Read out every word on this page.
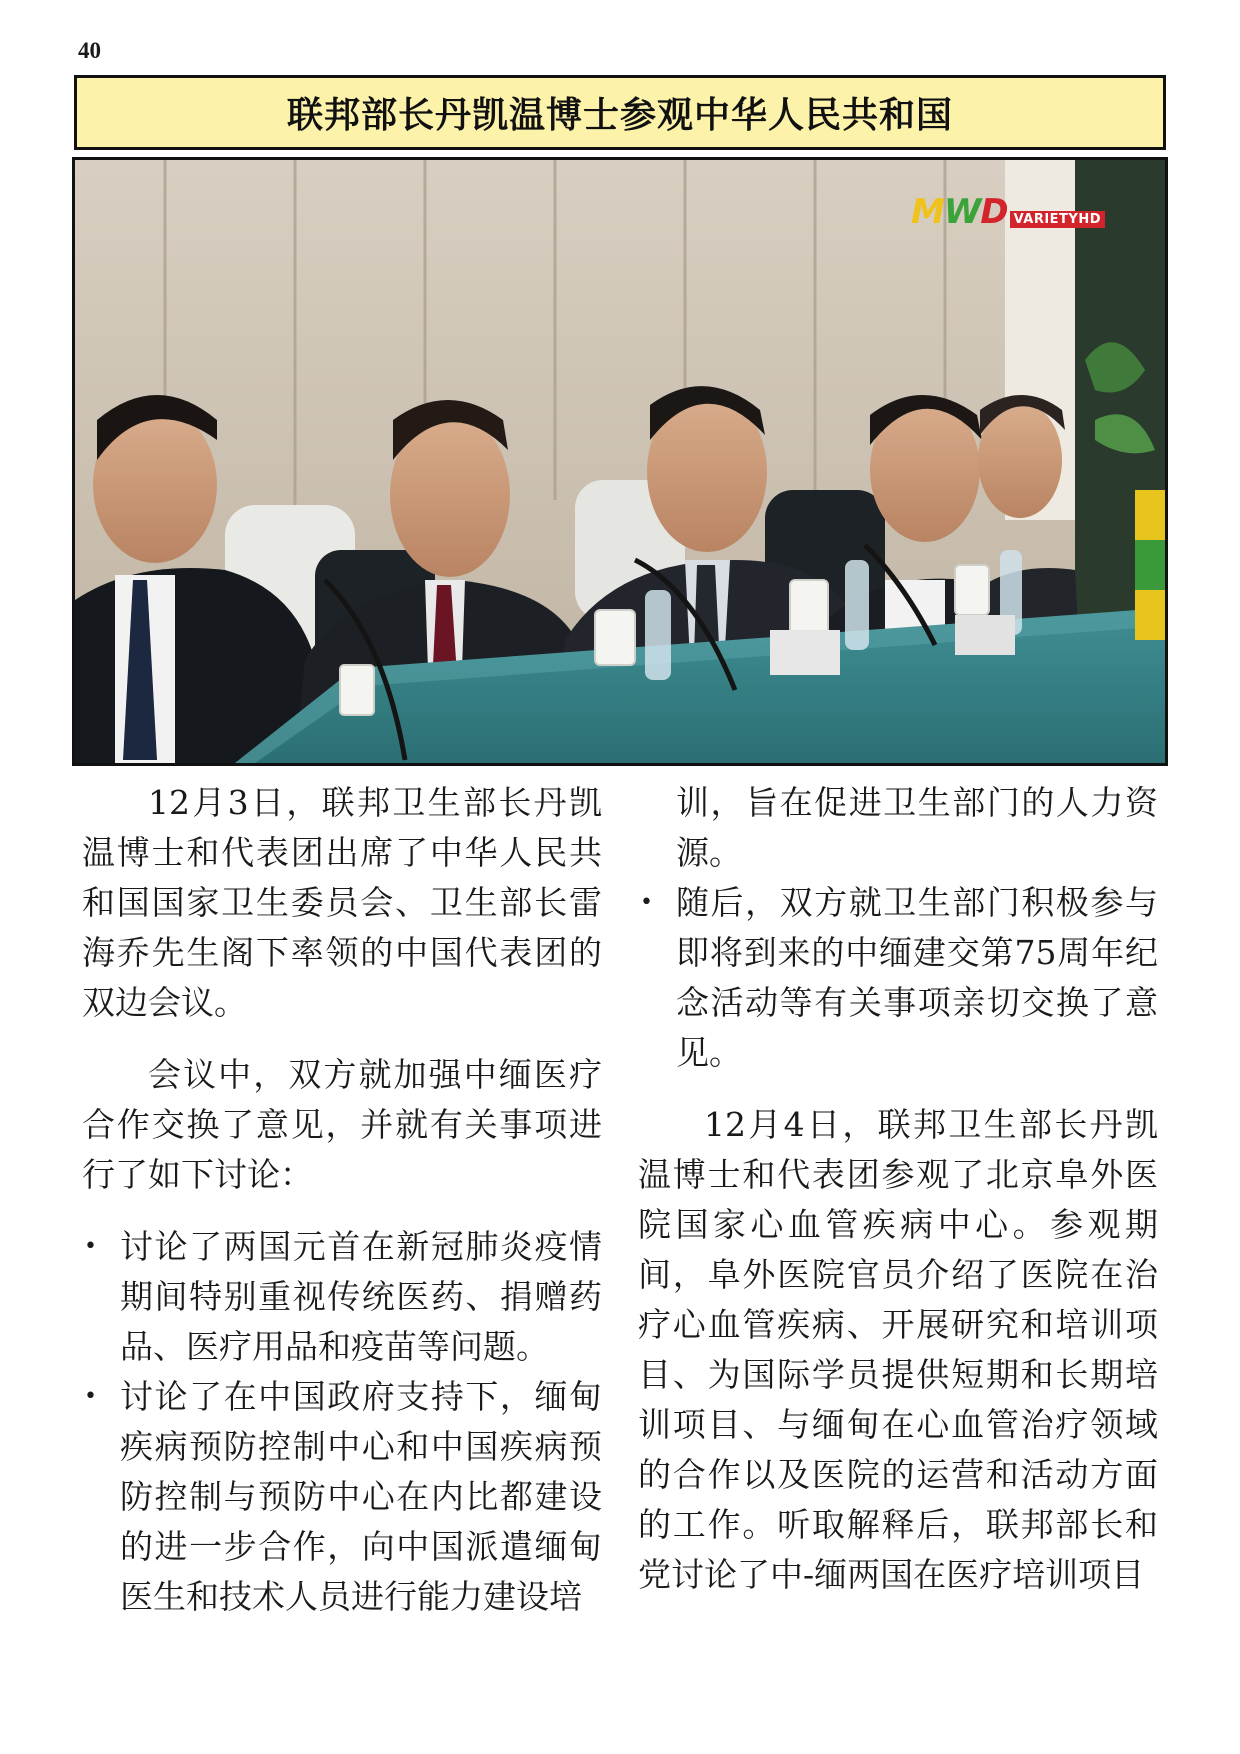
40
联邦部长丹凯温博士参观中华人民共和国
MWD VARIETYHD

12月3日，联邦卫生部长丹凯温博士和代表团出席了中华人民共和国国家卫生委员会、卫生部长雷海乔先生阁下率领的中国代表团的双边会议。

会议中，双方就加强中缅医疗合作交换了意见，并就有关事项进行了如下讨论：

• 讨论了两国元首在新冠肺炎疫情期间特别重视传统医药、捐赠药品、医疗用品和疫苗等问题。
• 讨论了在中国政府支持下，缅甸疾病预防控制中心和中国疾病预防控制与预防中心在内比都建设的进一步合作，向中国派遣缅甸医生和技术人员进行能力建设培
训，旨在促进卫生部门的人力资源。
• 随后，双方就卫生部门积极参与即将到来的中缅建交第75周年纪念活动等有关事项亲切交换了意见。

12月4日，联邦卫生部长丹凯温博士和代表团参观了北京阜外医院国家心血管疾病中心。参观期间，阜外医院官员介绍了医院在治疗心血管疾病、开展研究和培训项目、为国际学员提供短期和长期培训项目、与缅甸在心血管治疗领域的合作以及医院的运营和活动方面的工作。听取解释后，联邦部长和党讨论了中-缅两国在医疗培训项目
